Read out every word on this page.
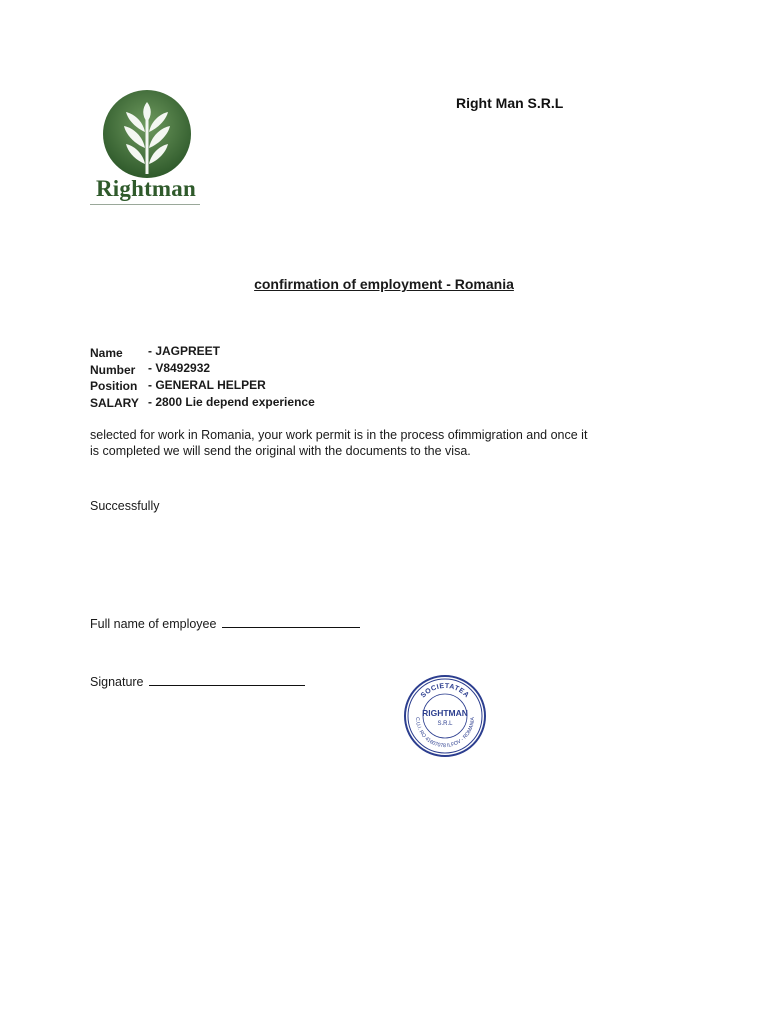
Rightman
Right Man S.R.L
confirmation of employment - Romania
Name - JAGPREET
Number - V8492932
Position - GENERAL HELPER
SALARY - 2800 Lie depend experience
selected for work in Romania, your work permit is in the process ofimmigration and once it
is completed we will send the original with the documents to the visa.
Successfully
Full name of employee
Signature
SOCIETATEA
RIGHTMAN
S.R.L
C.U.I. RO 41607078 ILFOV - ROMANIA
